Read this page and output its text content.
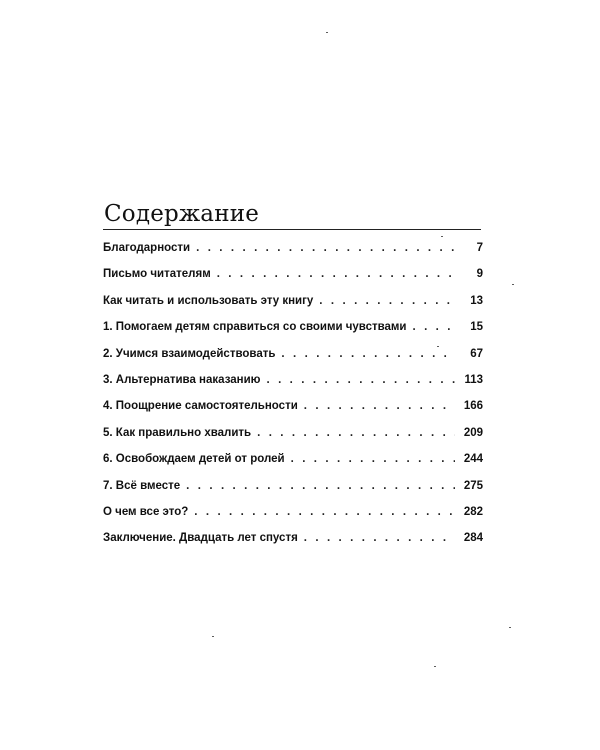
Содержание
Благодарности . . .	7
Письмо читателям . . .	9
Как читать и использовать эту книгу . . .	13
1. Помогаем детям справиться со своими чувствами . . .	15
2. Учимся взаимодействовать . . .	67
3. Альтернатива наказанию . . .	113
4. Поощрение самостоятельности . . .	166
5. Как правильно хвалить . . .	209
6. Освобождаем детей от ролей . . .	244
7. Всё вместе . . .	275
О чем все это? . . .	282
Заключение. Двадцать лет спустя . . .	284
